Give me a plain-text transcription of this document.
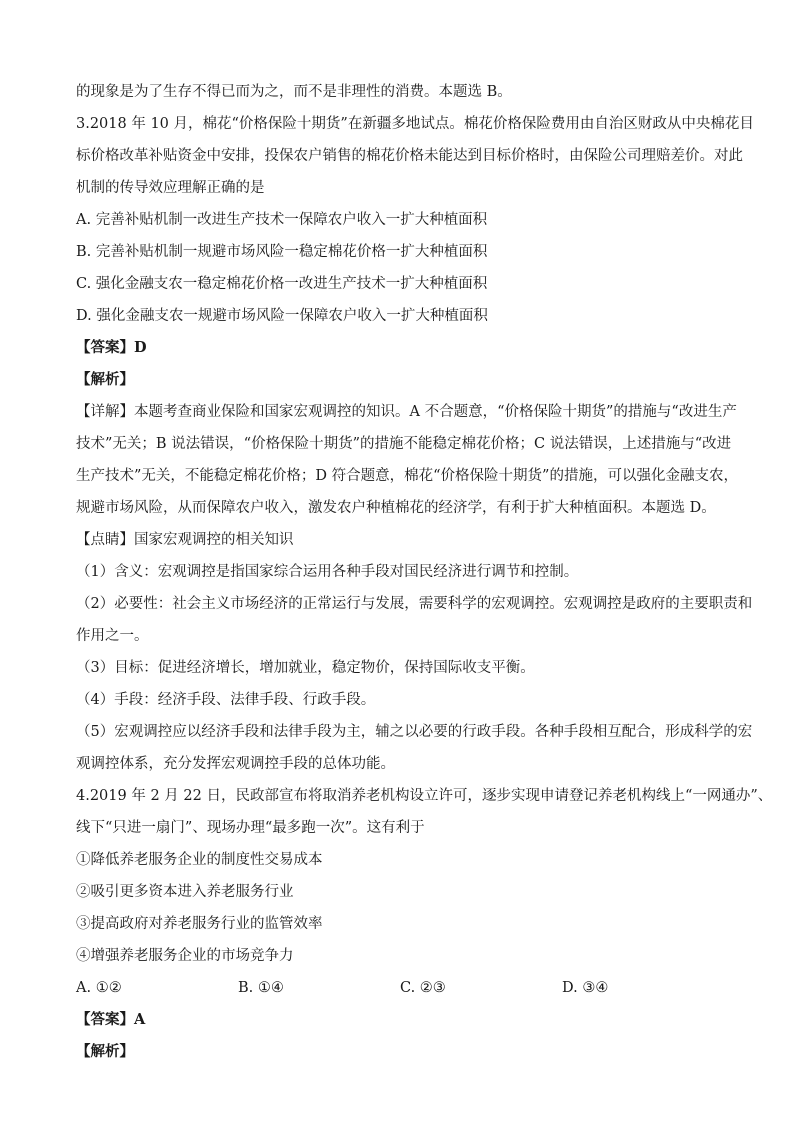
的现象是为了生存不得已而为之，而不是非理性的消费。本题选 B。
3.2018 年 10 月，棉花“价格保险十期货”在新疆多地试点。棉花价格保险费用由自治区财政从中央棉花目
标价格改革补贴资金中安排，投保农户销售的棉花价格未能达到目标价格时，由保险公司理赔差价。对此
机制的传导效应理解正确的是
A. 完善补贴机制一改进生产技术一保障农户收入一扩大种植面积
B. 完善补贴机制一规避市场风险一稳定棉花价格一扩大种植面积
C. 强化金融支农一稳定棉花价格一改进生产技术一扩大种植面积
D. 强化金融支农一规避市场风险一保障农户收入一扩大种植面积
【答案】D
【解析】
【详解】本题考查商业保险和国家宏观调控的知识。A 不合题意，“价格保险十期货”的措施与“改进生产
技术”无关；B 说法错误，“价格保险十期货”的措施不能稳定棉花价格；C 说法错误，上述措施与“改进
生产技术”无关，不能稳定棉花价格；D 符合题意，棉花“价格保险十期货”的措施，可以强化金融支农，
规避市场风险，从而保障农户收入，激发农户种植棉花的经济学，有利于扩大种植面积。本题选 D。
【点睛】国家宏观调控的相关知识
（1）含义：宏观调控是指国家综合运用各种手段对国民经济进行调节和控制。
（2）必要性：社会主义市场经济的正常运行与发展，需要科学的宏观调控。宏观调控是政府的主要职责和
作用之一。
（3）目标：促进经济增长，增加就业，稳定物价，保持国际收支平衡。
（4）手段：经济手段、法律手段、行政手段。
（5）宏观调控应以经济手段和法律手段为主，辅之以必要的行政手段。各种手段相互配合，形成科学的宏
观调控体系，充分发挥宏观调控手段的总体功能。
4.2019 年 2 月 22 日，民政部宣布将取消养老机构设立许可，逐步实现申请登记养老机构线上“一网通办”、
线下“只进一扇门”、现场办理“最多跑一次”。这有利于
①降低养老服务企业的制度性交易成本
②吸引更多资本进入养老服务行业
③提高政府对养老服务行业的监管效率
④增强养老服务企业的市场竞争力
A. ①②	B. ①④	C. ②③	D. ③④
【答案】A
【解析】
